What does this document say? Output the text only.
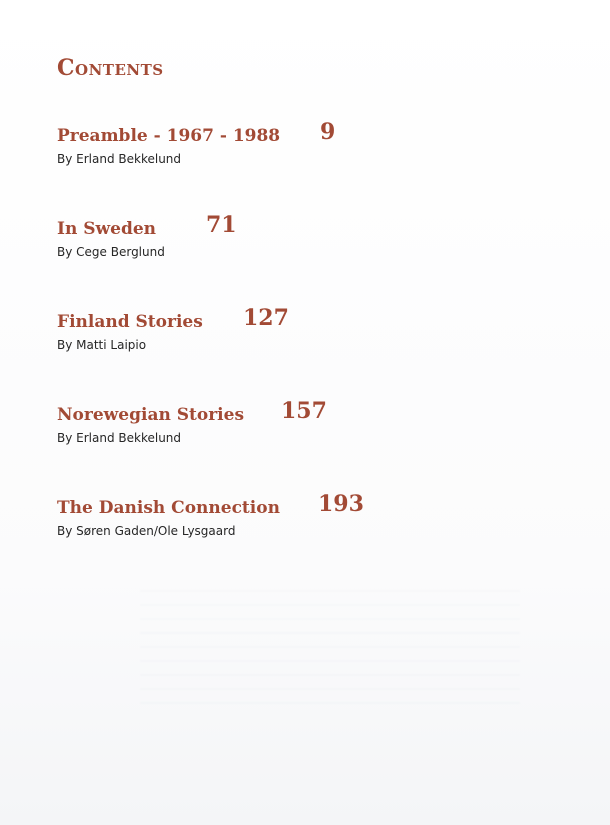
Contents
Preamble - 1967 - 1988 9
By Erland Bekkelund
In Sweden 71
By Cege Berglund
Finland Stories 127
By Matti Laipio
Norewegian Stories 157
By Erland Bekkelund
The Danish Connection 193
By Søren Gaden/Ole Lysgaard
